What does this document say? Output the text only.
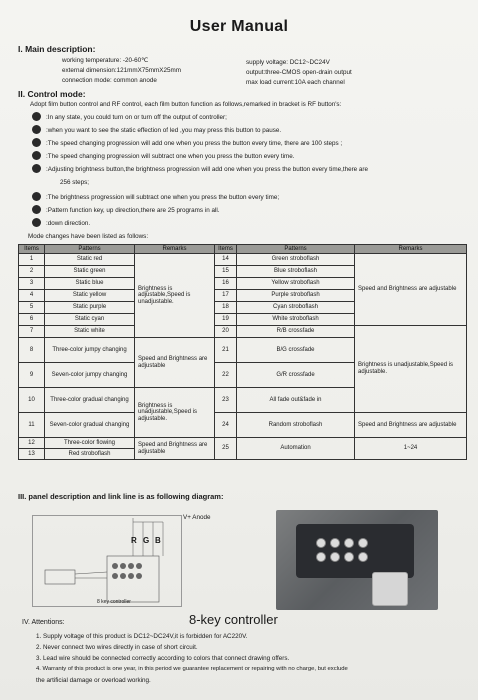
User Manual
I. Main description:
working temperature: -20-60℃
external dimension:121mmX75mmX25mm
connection mode: common anode
supply voltage: DC12~DC24V
output:three-CMOS open-drain output
max load current:10A each channel
II. Control mode:
Adopt film button control and RF control, each film button function as follows,remarked in bracket is RF button's:
:In any state, you could turn on or turn off the output of controller;
:when you want to see the static effection of led ,you may press this button to pause.
:The speed changing progression will add one when you press the button every time, there are 100 steps ;
:The speed changing progression will subtract one when you press the button every time.
:Adjusting brightness button,the brightness progression will add one when you press the button every time,there are
256 steps;
:The brightness progression will subtract one when you press the button every time;
:Pattern function key, up direction,there are 25 programs in all.
:down direction.
Mode changes have been listed as follows:
Items	Patterns	Remarks	Items	Patterns	Remarks
1	Static red	Brightness is adjustable,Speed is unadjustable.	14	Green stroboflash	Speed and Brightness are adjustable
2	Static green		15	Blue stroboflash	
3	Static blue		16	Yellow stroboflash	
4	Static yellow		17	Purple stroboflash	
5	Static purple		18	Cyan stroboflash	
6	Static cyan		19	White stroboflash	
7	Static white		20	R/B crossfade	Brightness is unadjustable,Speed is adjustable.
8	Three-color jumpy changing	Speed and Brightness are adjustable	21	B/G crossfade	
9	Seven-color jumpy changing		22	G/R crossfade	
10	Three-color gradual changing	Brightness is unadjustable,Speed is adjustable.	23	All fade out&fade in	
11	Seven-color gradual changing		24	Random stroboflash	Speed and Brightness are adjustable
12	Three-color flowing	Speed and Brightness are adjustable	25	Automation	1~24
13	Red stroboflash				
III. panel description and link line is as following diagram:
V+ Anode
R G B
8 key controller
8-key controller
IV. Attentions:
1. Supply voltage of this product is DC12~DC24V,it is forbidden for AC220V.
2. Never connect two wires directly in case of short circuit.
3. Lead wire should be connected correctly according to colors that connect drawing offers.
4. Warranty of this product is one year, in this period we guarantee replacement or repairing with no charge, but exclude
the artificial damage or overload working.
